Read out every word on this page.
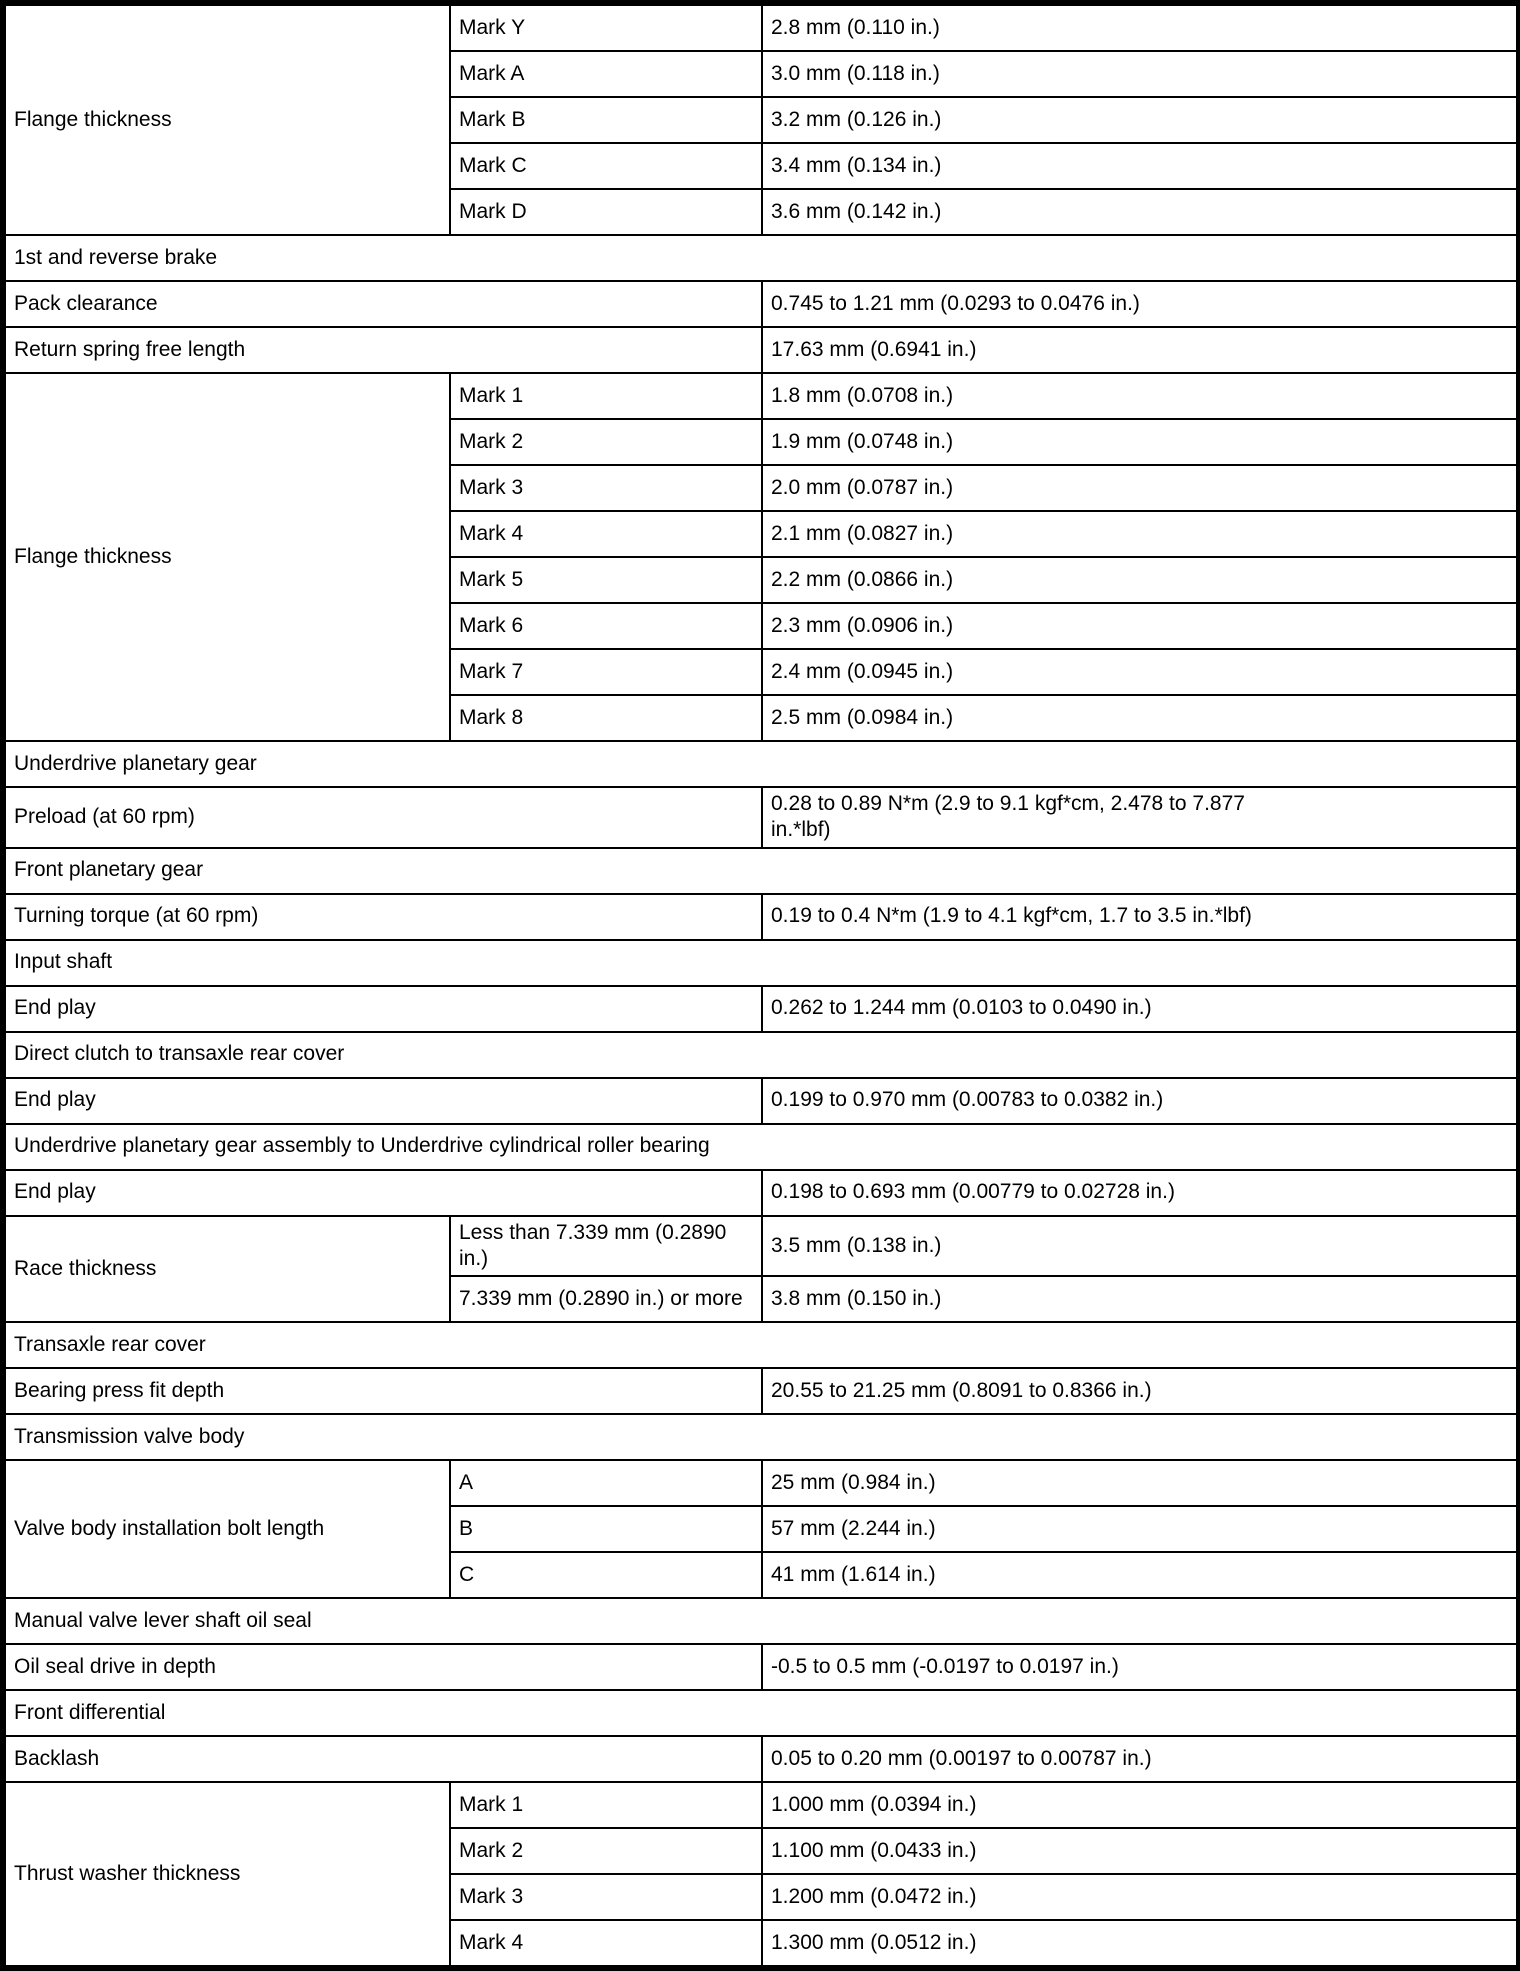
Flange thickness	Mark Y	2.8 mm (0.110 in.)

	Mark A	3.0 mm (0.118 in.)

	Mark B	3.2 mm (0.126 in.)

	Mark C	3.4 mm (0.134 in.)

	Mark D	3.6 mm (0.142 in.)

1st and reverse brake		

Pack clearance		0.745 to 1.21 mm (0.0293 to 0.0476 in.)

Return spring free length		17.63 mm (0.6941 in.)

Flange thickness	Mark 1	1.8 mm (0.0708 in.)

	Mark 2	1.9 mm (0.0748 in.)

	Mark 3	2.0 mm (0.0787 in.)

	Mark 4	2.1 mm (0.0827 in.)

	Mark 5	2.2 mm (0.0866 in.)

	Mark 6	2.3 mm (0.0906 in.)

	Mark 7	2.4 mm (0.0945 in.)

	Mark 8	2.5 mm (0.0984 in.)

Underdrive planetary gear		

Preload (at 60 rpm)		0.28 to 0.89 N*m (2.9 to 9.1 kgf*cm, 2.478 to 7.877 in.*lbf)

Front planetary gear		

Turning torque (at 60 rpm)		0.19 to 0.4 N*m (1.9 to 4.1 kgf*cm, 1.7 to 3.5 in.*lbf)

Input shaft		

End play		0.262 to 1.244 mm (0.0103 to 0.0490 in.)

Direct clutch to transaxle rear cover		

End play		0.199 to 0.970 mm (0.00783 to 0.0382 in.)

Underdrive planetary gear assembly to Underdrive cylindrical roller bearing		

End play		0.198 to 0.693 mm (0.00779 to 0.02728 in.)

Race thickness	Less than 7.339 mm (0.2890 in.)	3.5 mm (0.138 in.)

	7.339 mm (0.2890 in.) or more	3.8 mm (0.150 in.)

Transaxle rear cover		

Bearing press fit depth		20.55 to 21.25 mm (0.8091 to 0.8366 in.)

Transmission valve body		

Valve body installation bolt length	A	25 mm (0.984 in.)

	B	57 mm (2.244 in.)

	C	41 mm (1.614 in.)

Manual valve lever shaft oil seal		

Oil seal drive in depth		-0.5 to 0.5 mm (-0.0197 to 0.0197 in.)

Front differential		

Backlash		0.05 to 0.20 mm (0.00197 to 0.00787 in.)

Thrust washer thickness	Mark 1	1.000 mm (0.0394 in.)

	Mark 2	1.100 mm (0.0433 in.)

	Mark 3	1.200 mm (0.0472 in.)

	Mark 4	1.300 mm (0.0512 in.)
